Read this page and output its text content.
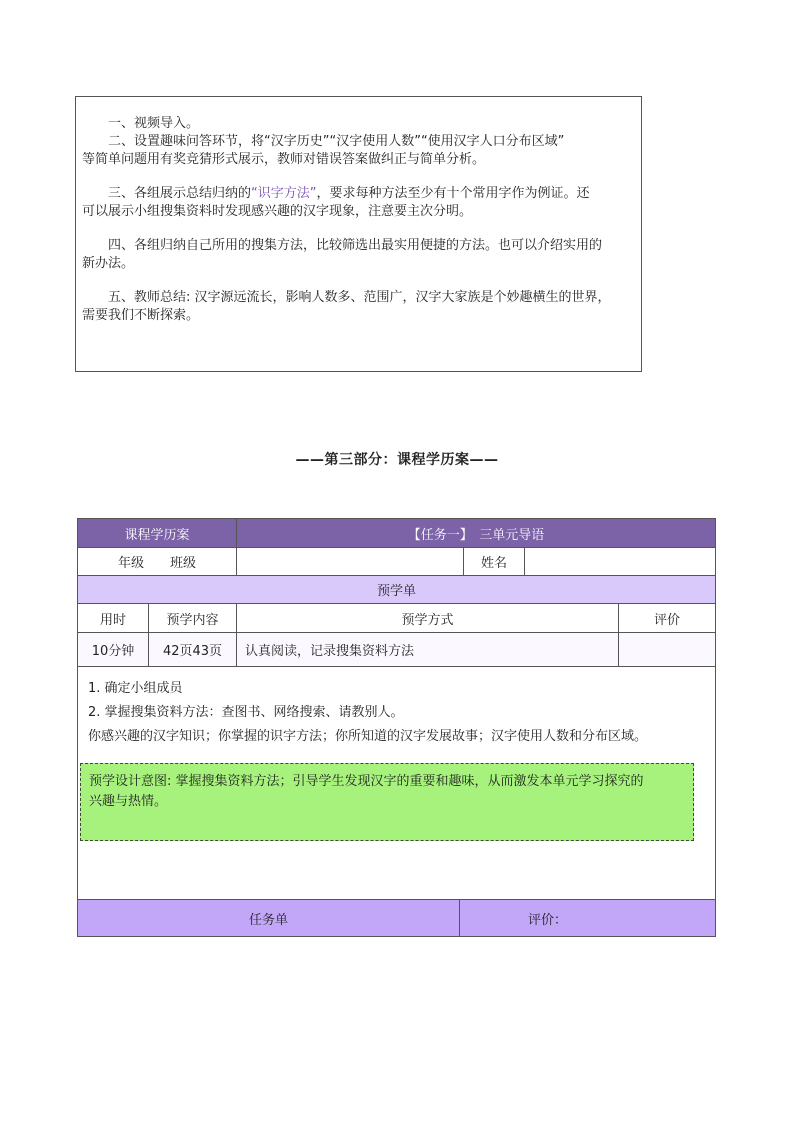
一、视频导入。

二、设置趣味问答环节，将“汉字历史”“汉字使用人数”“使用汉字人口分布区域”

等简单问题用有奖竞猜形式展示，教师对错误答案做纠正与简单分析。

三、各组展示总结归纳的“识字方法”，要求每种方法至少有十个常用字作为例证。还

可以展示小组搜集资料时发现感兴趣的汉字现象，注意要主次分明。

四、各组归纳自己所用的搜集方法，比较筛选出最实用便捷的方法。也可以介绍实用的

新办法。

五、教师总结: 汉字源远流长，影响人数多、范围广，汉字大家族是个妙趣横生的世界，

需要我们不断探索。

——第三部分：课程学历案——
课程学历案		【任务一】　三单元导语		
年级　　班级		姓名		

预学单				
用时	预学内容	预学方式		评价
10分钟	42页43页	认真阅读，记录搜集资料方法		

1. 确定小组成员
2. 掌握搜集资料方法：查图书、网络搜索、请教别人。
你感兴趣的汉字知识；你掌握的识字方法；你所知道的汉字发展故事；汉字使用人数和分布区域。
预学设计意图: 掌握搜集资料方法；引导学生发现汉字的重要和趣味，从而激发本单元学习探究的
兴趣与热情。				

任务单			评价：	
